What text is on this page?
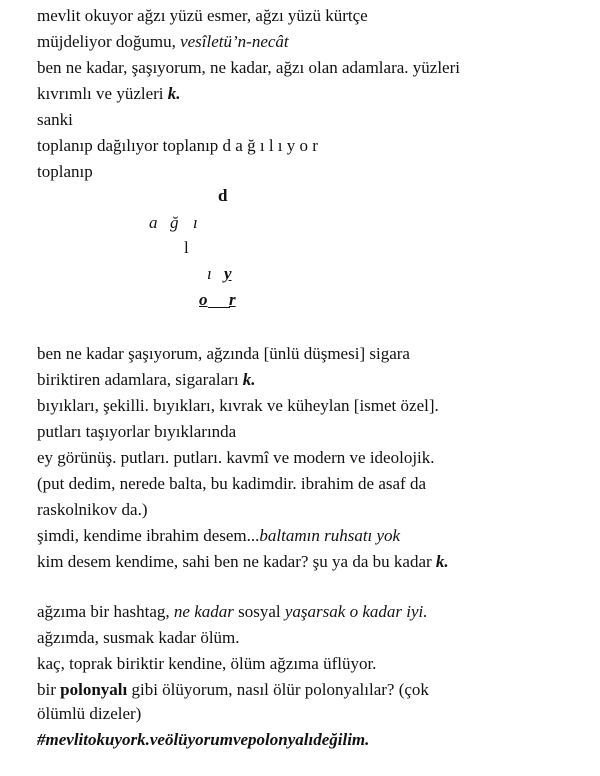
mevlit okuyor ağzı yüzü esmer, ağzı yüzü kürtçe
müjdeliyor doğumu, vesîletü’n-necât
ben ne kadar, şaşıyorum, ne kadar, ağzı olan adamlara. yüzleri
kıvrımlı ve yüzleri k.
sanki
toplanıp dağılıyor toplanıp d a ğ ı l ı y o r
toplanıp
d
a ğ ı
l
ı y
o r
ben ne kadar şaşıyorum, ağzında [ünlü düşmesi] sigara
biriktiren adamlara, sigaraları k.
bıyıkları, şekilli. bıyıkları, kıvrak ve küheylan [ismet özel].
putları taşıyorlar bıyıklarında
ey görünüş. putları. putları. kavmî ve modern ve ideolojik.
(put dedim, nerede balta, bu kadimdir. ibrahim de asaf da
raskolnikov da.)
şimdi, kendime ibrahim desem...baltamın ruhsatı yok
kim desem kendime, sahi ben ne kadar? şu ya da bu kadar k.
ağzıma bir hashtag, ne kadar sosyal yaşarsak o kadar iyi.
ağzımda, susmak kadar ölüm.
kaç, toprak biriktir kendine, ölüm ağzıma üflüyor.
bir polonyalı gibi ölüyorum, nasıl ölür polonyalılar? (çok
ölümlü dizeler)
#mevlitokuyork.veölüyorumvepolonyalıdeğilim.
